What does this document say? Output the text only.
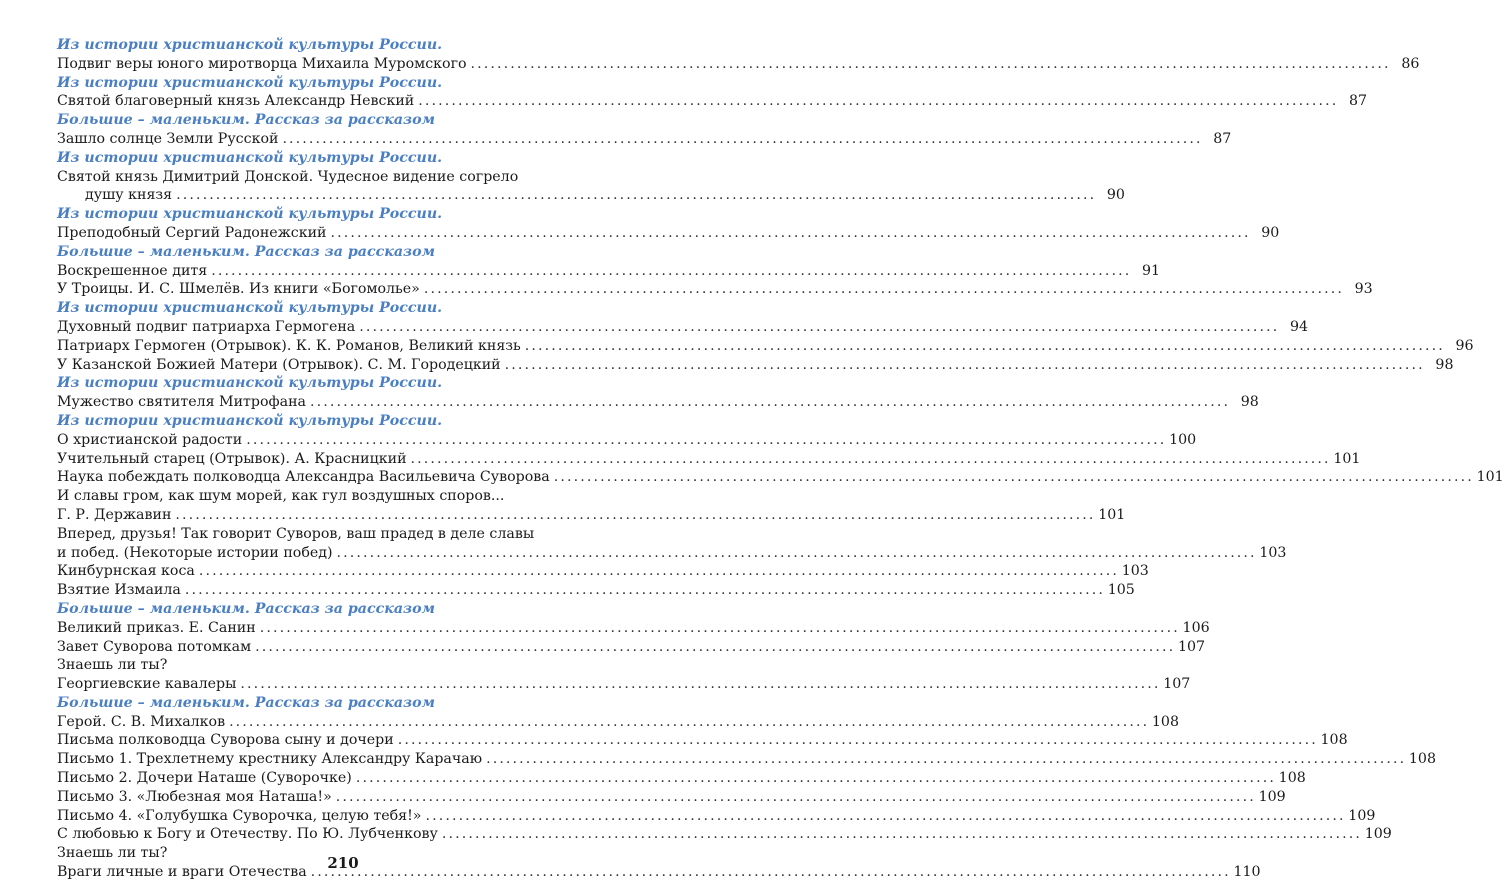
Из истории христианской культуры России.
Подвиг веры юного миротворца Михаила Муромского . . .	86
Из истории христианской культуры России.
Святой благоверный князь Александр Невский . . .	87
Большие – маленьким. Рассказ за рассказом
Зашло солнце Земли Русской . . .	87
Из истории христианской культуры России.
Святой князь Димитрий Донской. Чудесное видение согрело
душу князя . . .	90
Из истории христианской культуры России.
Преподобный Сергий Радонежский . . .	90
Большие – маленьким. Рассказ за рассказом
Воскрешенное дитя . . .	91
У Троицы. И. С. Шмелёв. Из книги «Богомолье» . . .	93
Из истории христианской культуры России.
Духовный подвиг патриарха Гермогена . . .	94
Патриарх Гермоген (Отрывок). К. К. Романов, Великий князь . . .	96
У Казанской Божией Матери (Отрывок). С. М. Городецкий . . .	98
Из истории христианской культуры России.
Мужество святителя Митрофана . . .	98
Из истории христианской культуры России.
О христианской радости . . .	100
Учительный старец (Отрывок). А. Красницкий . . .	101
Наука побеждать полководца Александра Васильевича Суворова . . .	101
И славы гром, как шум морей, как гул воздушных споров...
Г. Р. Державин . . .	101
Вперед, друзья! Так говорит Суворов, ваш прадед в деле славы
и побед. (Некоторые истории побед) . . .	103
Кинбурнская коса . . .	103
Взятие Измаила . . .	105
Большие – маленьким. Рассказ за рассказом
Великий приказ. Е. Санин . . .	106
Завет Суворова потомкам . . .	107
Знаешь ли ты?
Георгиевские кавалеры . . .	107
Большие – маленьким. Рассказ за рассказом
Герой. С. В. Михалков . . .	108
Письма полководца Суворова сыну и дочери . . .	108
Письмо 1. Трехлетнему крестнику Александру Карачаю . . .	108
Письмо 2. Дочери Наташе (Суворочке) . . .	108
Письмо 3. «Любезная моя Наташа!» . . .	109
Письмо 4. «Голубушка Суворочка, целую тебя!» . . .	109
С любовью к Богу и Отечеству. По Ю. Лубченкову . . .	109
Знаешь ли ты?
Враги личные и враги Отечества . . .	110
210
